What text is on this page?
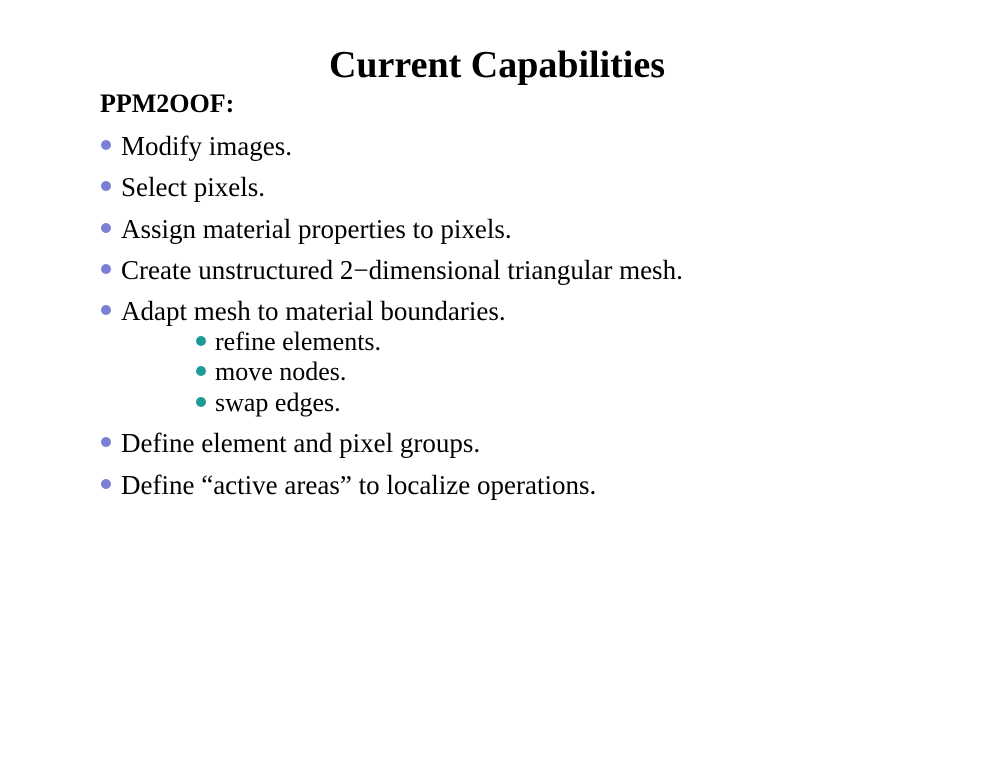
Current Capabilities
PPM2OOF:
Modify images.
Select pixels.
Assign material properties to pixels.
Create unstructured 2−dimensional triangular mesh.
Adapt mesh to material boundaries.
refine elements.
move nodes.
swap edges.
Define element and pixel groups.
Define “active areas” to localize operations.
